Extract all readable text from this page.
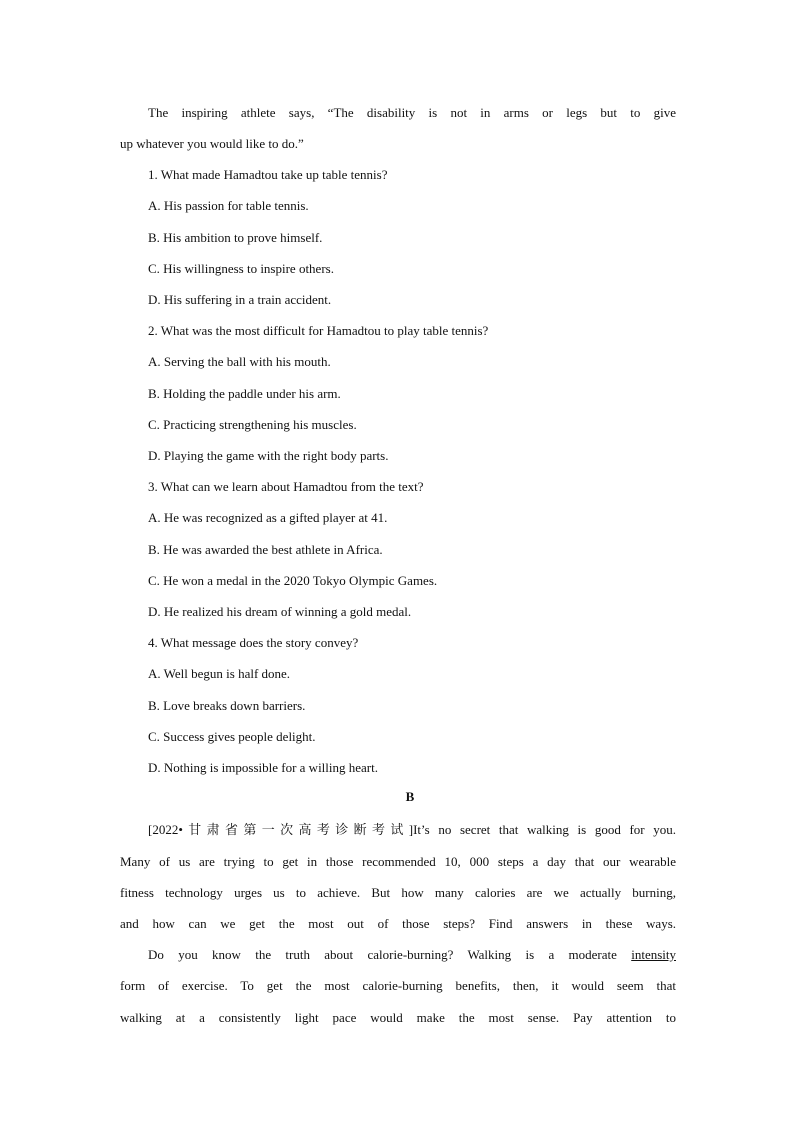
The inspiring athlete says, “The disability is not in arms or legs but to give
up whatever you would like to do.”
1. What made Hamadtou take up table tennis?
A. His passion for table tennis.
B. His ambition to prove himself.
C. His willingness to inspire others.
D. His suffering in a train accident.
2. What was the most difficult for Hamadtou to play table tennis?
A. Serving the ball with his mouth.
B. Holding the paddle under his arm.
C. Practicing strengthening his muscles.
D. Playing the game with the right body parts.
3. What can we learn about Hamadtou from the text?
A. He was recognized as a gifted player at 41.
B. He was awarded the best athlete in Africa.
C. He won a medal in the 2020 Tokyo Olympic Games.
D. He realized his dream of winning a gold medal.
4. What message does the story convey?
A. Well begun is half done.
B. Love breaks down barriers.
C. Success gives people delight.
D. Nothing is impossible for a willing heart.
B
[2022•甘肃省第一次高考诊断考试]It’s no secret that walking is good for you.
Many of us are trying to get in those recommended 10, 000 steps a day that our wearable
fitness technology urges us to achieve. But how many calories are we actually burning,
and how can we get the most out of those steps? Find answers in these ways.
Do you know the truth about calorie-burning? Walking is a moderate intensity
form of exercise. To get the most calorie-burning benefits, then, it would seem that
walking at a consistently light pace would make the most sense. Pay attention to
